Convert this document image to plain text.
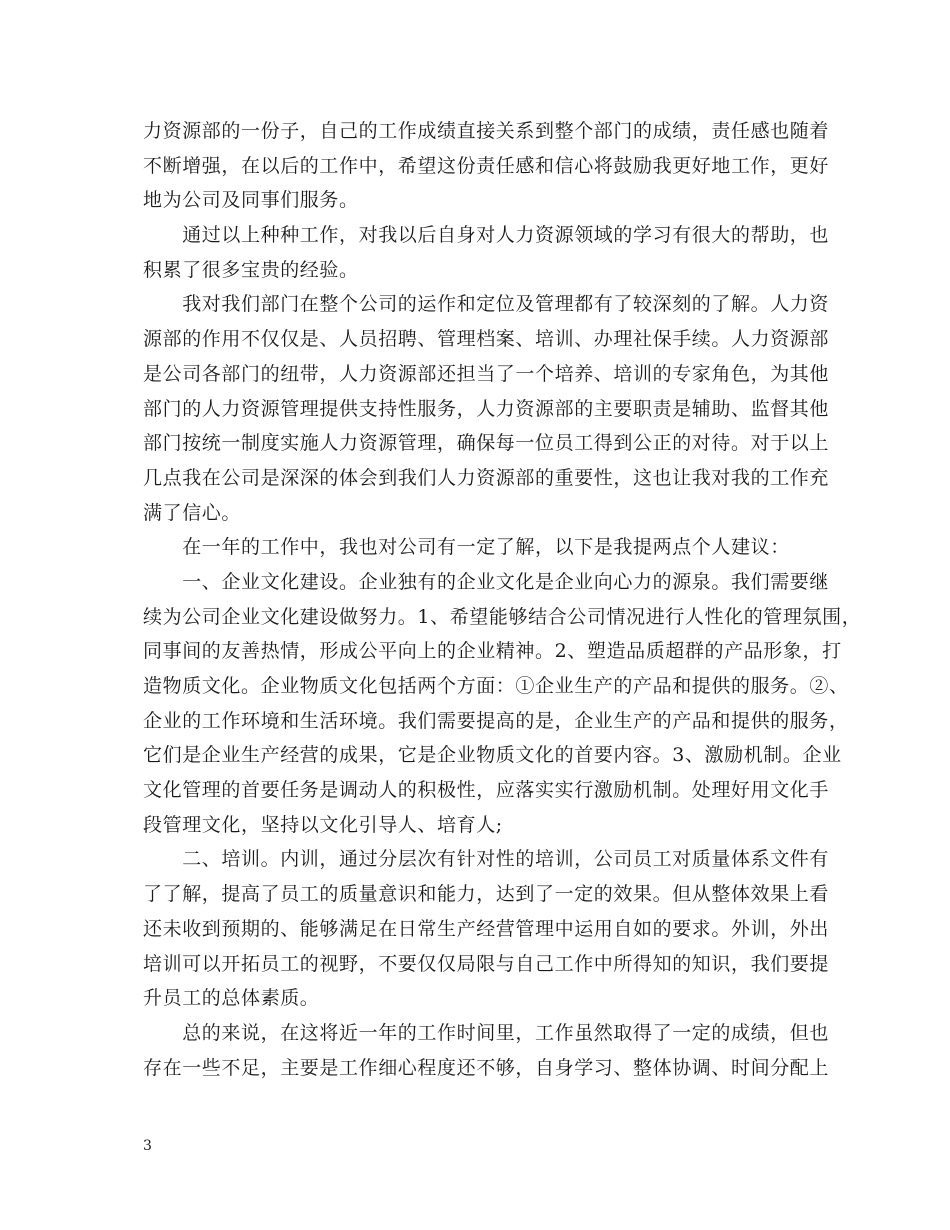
力资源部的一份子，自己的工作成绩直接关系到整个部门的成绩，责任感也随着
不断增强，在以后的工作中，希望这份责任感和信心将鼓励我更好地工作，更好
地为公司及同事们服务。
　　通过以上种种工作，对我以后自身对人力资源领域的学习有很大的帮助，也
积累了很多宝贵的经验。
　　我对我们部门在整个公司的运作和定位及管理都有了较深刻的了解。人力资
源部的作用不仅仅是、人员招聘、管理档案、培训、办理社保手续。人力资源部
是公司各部门的纽带，人力资源部还担当了一个培养、培训的专家角色，为其他
部门的人力资源管理提供支持性服务，人力资源部的主要职责是辅助、监督其他
部门按统一制度实施人力资源管理，确保每一位员工得到公正的对待。对于以上
几点我在公司是深深的体会到我们人力资源部的重要性，这也让我对我的工作充
满了信心。
　　在一年的工作中，我也对公司有一定了解，以下是我提两点个人建议：
　　一、企业文化建设。企业独有的企业文化是企业向心力的源泉。我们需要继
续为公司企业文化建设做努力。1、希望能够结合公司情况进行人性化的管理氛围，
同事间的友善热情，形成公平向上的企业精神。2、塑造品质超群的产品形象，打
造物质文化。企业物质文化包括两个方面：①企业生产的产品和提供的服务。②、
企业的工作环境和生活环境。我们需要提高的是，企业生产的产品和提供的服务，
它们是企业生产经营的成果，它是企业物质文化的首要内容。3、激励机制。企业
文化管理的首要任务是调动人的积极性，应落实实行激励机制。处理好用文化手
段管理文化，坚持以文化引导人、培育人;
　　二、培训。内训，通过分层次有针对性的培训，公司员工对质量体系文件有
了了解，提高了员工的质量意识和能力，达到了一定的效果。但从整体效果上看
还未收到预期的、能够满足在日常生产经营管理中运用自如的要求。外训，外出
培训可以开拓员工的视野，不要仅仅局限与自己工作中所得知的知识，我们要提
升员工的总体素质。
　　总的来说，在这将近一年的工作时间里，工作虽然取得了一定的成绩，但也
存在一些不足，主要是工作细心程度还不够，自身学习、整体协调、时间分配上
3
